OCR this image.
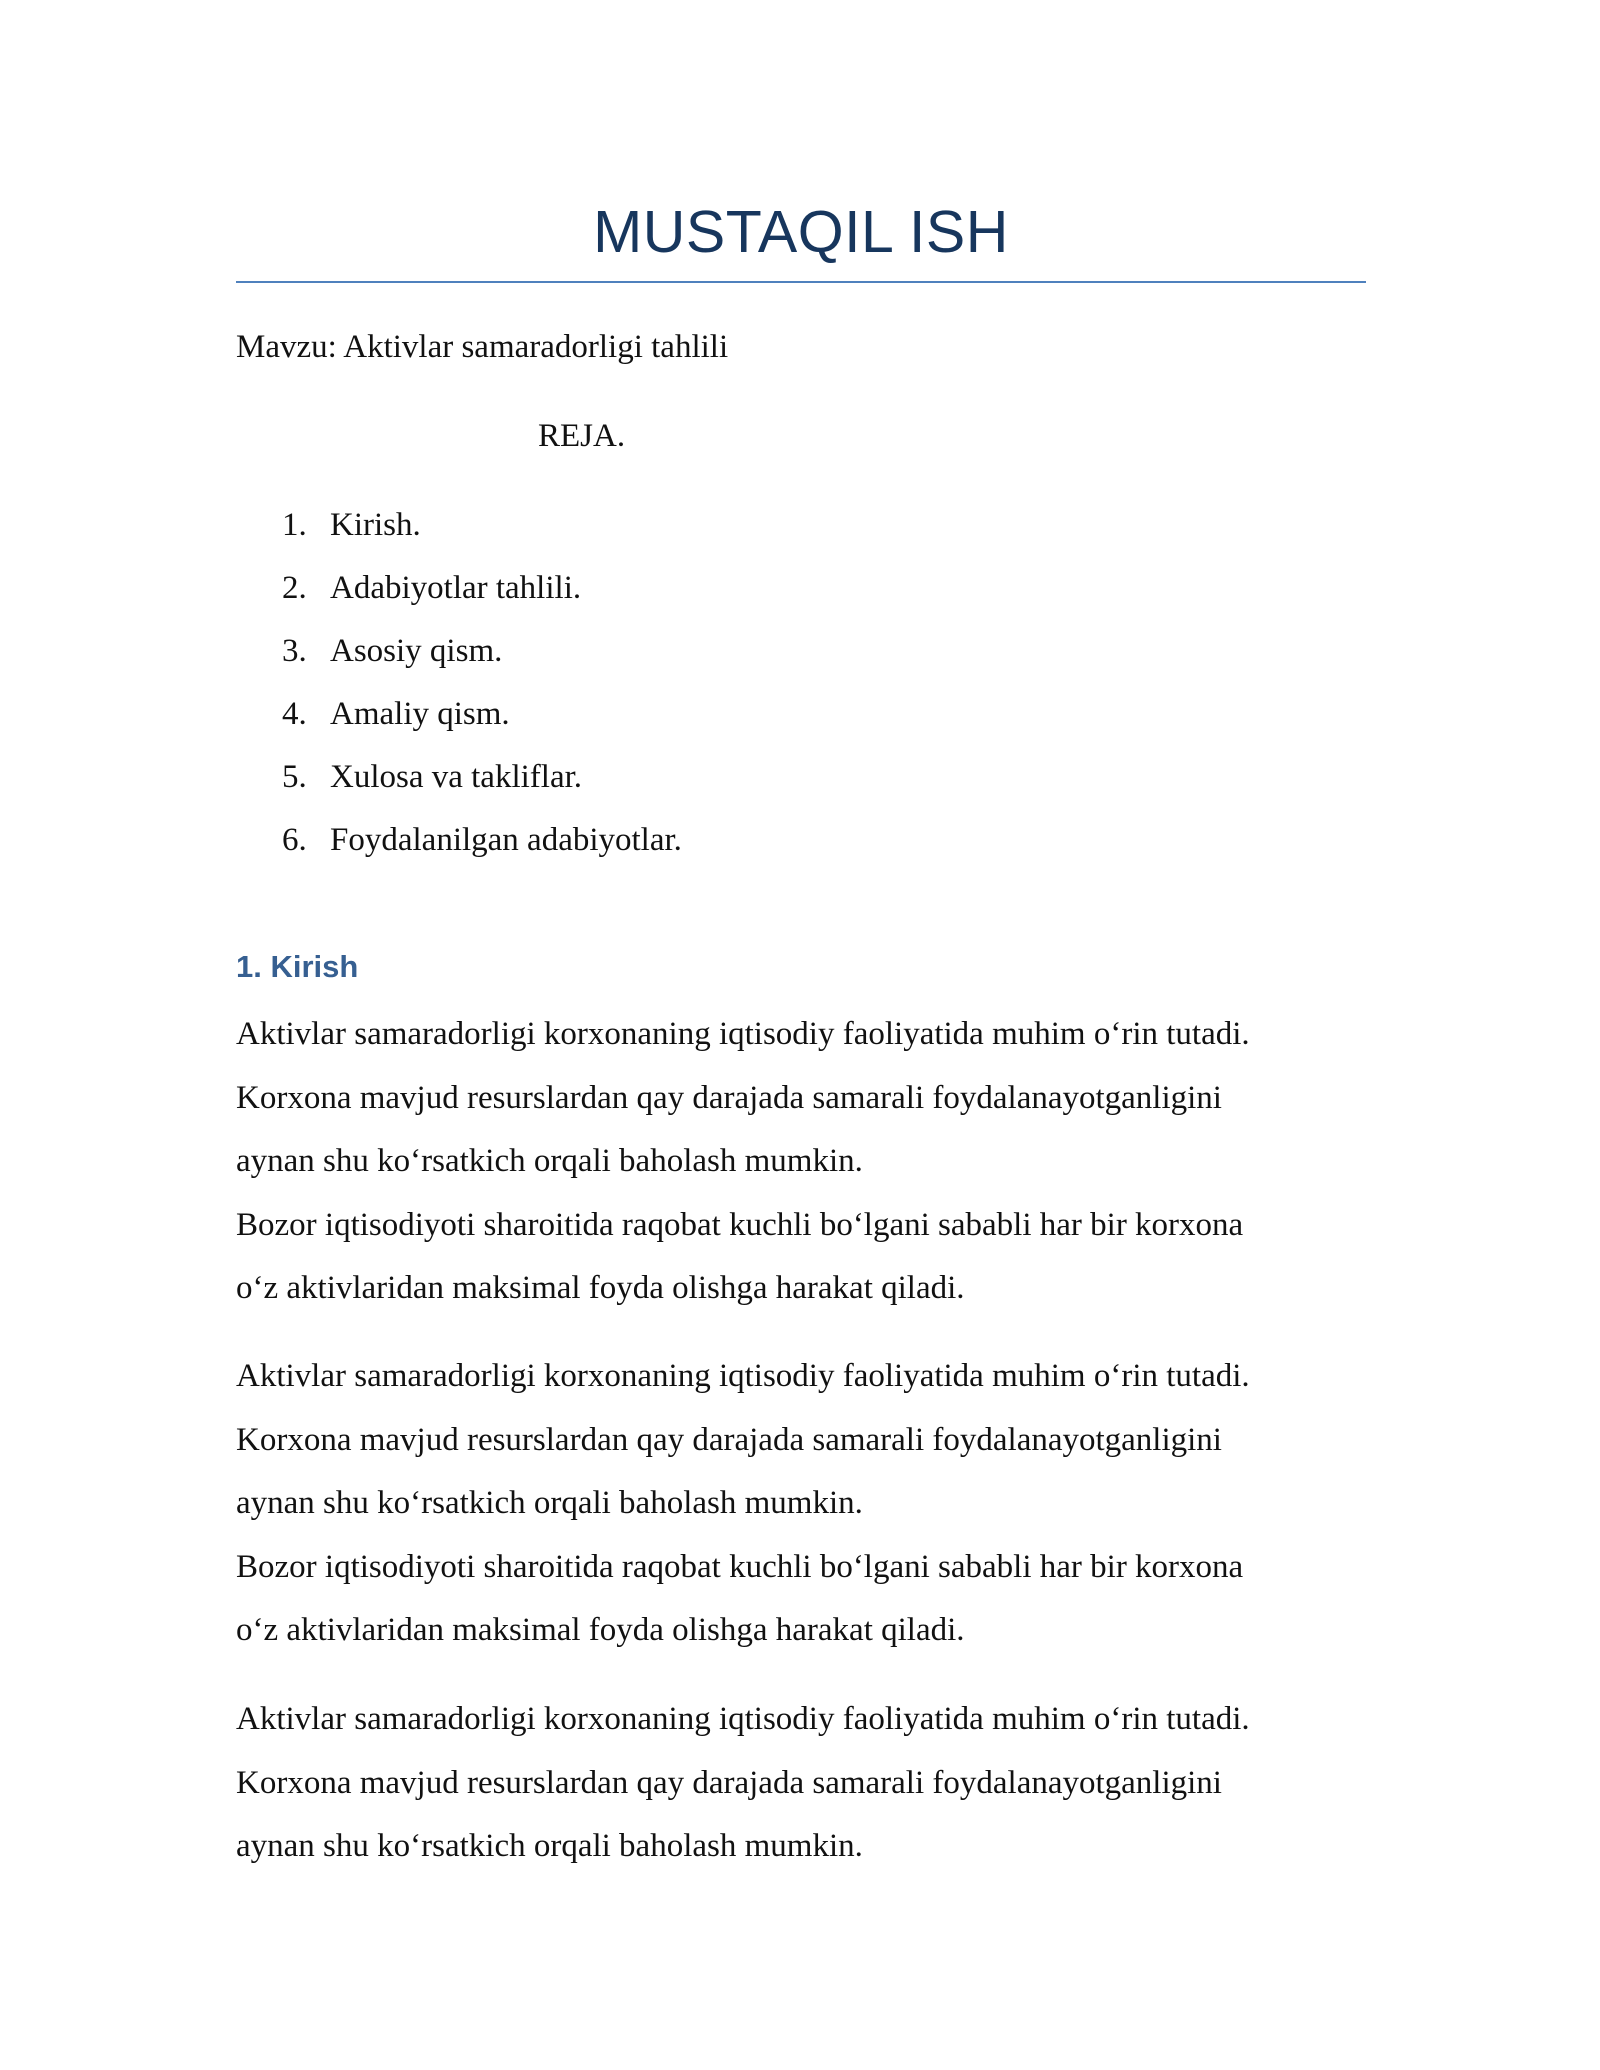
MUSTAQIL ISH
Mavzu: Aktivlar samaradorligi tahlili
REJA.
1. Kirish.
2. Adabiyotlar tahlili.
3. Asosiy qism.
4. Amaliy qism.
5. Xulosa va takliflar.
6. Foydalanilgan adabiyotlar.
1. Kirish
Aktivlar samaradorligi korxonaning iqtisodiy faoliyatida muhim oʻrin tutadi.
Korxona mavjud resurslardan qay darajada samarali foydalanayotganligini
aynan shu koʻrsatkich orqali baholash mumkin.
Bozor iqtisodiyoti sharoitida raqobat kuchli boʻlgani sababli har bir korxona
oʻz aktivlaridan maksimal foyda olishga harakat qiladi.
Aktivlar samaradorligi korxonaning iqtisodiy faoliyatida muhim oʻrin tutadi.
Korxona mavjud resurslardan qay darajada samarali foydalanayotganligini
aynan shu koʻrsatkich orqali baholash mumkin.
Bozor iqtisodiyoti sharoitida raqobat kuchli boʻlgani sababli har bir korxona
oʻz aktivlaridan maksimal foyda olishga harakat qiladi.
Aktivlar samaradorligi korxonaning iqtisodiy faoliyatida muhim oʻrin tutadi.
Korxona mavjud resurslardan qay darajada samarali foydalanayotganligini
aynan shu koʻrsatkich orqali baholash mumkin.
